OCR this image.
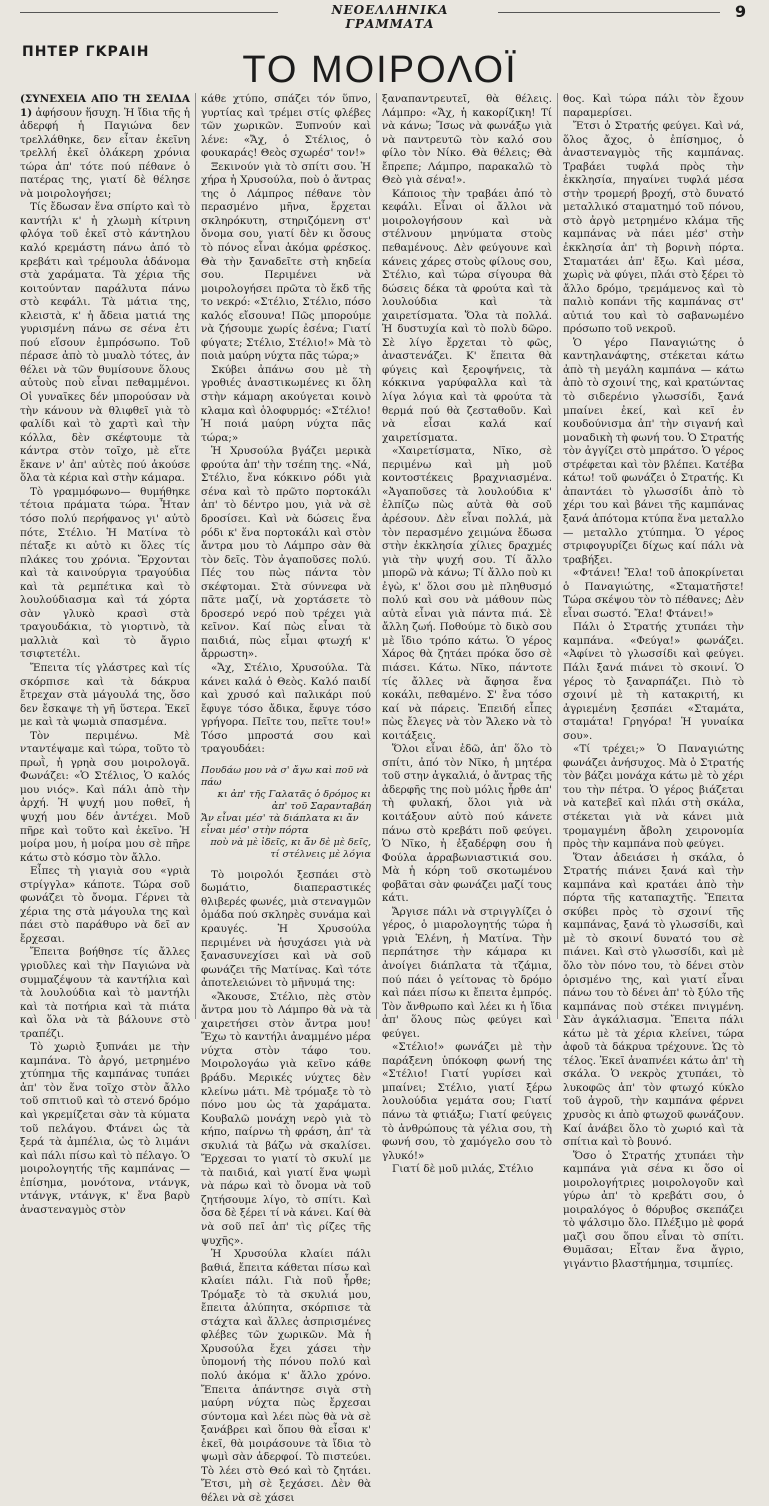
ΝΕΟΕΛΛΗΝΙΚΑ ΓΡΑΜΜΑΤΑ
9
ΠΗΤΕΡ ΓΚΡΑΙΗ	ΤΟ ΜΟΙΡΟΛΟΪ

(ΣΥΝΕΧΕΙΑ ΑΠΟ ΤΗ ΣΕΛΙΔΑ 1) ἀφήσουν ἥσυχη. Ἡ ἴδια τῆς ἡ ἀδερφή ἡ Παγιώνα δεν τρελλάθηκε, δεν εἶταν ἐκεῖνη τρελλή ἐκεῖ ὁλάκερη χρόνια τώρα ἀπ' τότε πού πέθανε ὁ πατέρας της, γιατί δὲ θέλησε νὰ μοιρολογήσει;

Τίς ἔδωσαν ἕνα σπίρτο καὶ τὸ καντήλι κ' ἡ χλωμὴ κίτρινη φλόγα τοῦ ἐκεῖ στὸ κάντηλου καλό κρεμάστη πάνω ἀπό τὸ κρεβάτι καὶ τρέμουλα ἀδάνομα στὰ χαράματα. Τὰ χέρια τῆς κοιτούνταν παράλυτα πάνω στὸ κεφάλι. Τὰ μάτια της, κλειστὰ, κ' ἡ ἄδεια ματιά της γυρισμένη πάνω σε σένα ἐτι πού εἴσουν ἐμπρόσωπο. Τοῦ πέρασε ἀπὸ τὸ μυαλὸ τότες, ἀν θέλει νὰ τῶν θυμίσουνε ὅλους αὐτοὺς ποὺ εἶναι πεθαμμένοι. Οἱ γυναῖκες δέν μπορούσαν νὰ τὴν κάνουν νὰ θλιφθεῖ γιὰ τὸ φαλίδι καὶ τὸ χαρτὶ καὶ τὴν κόλλα, δὲν σκέφτουμε τὰ κάντρα στὸν τοῖχο, μὲ εἴτε ἔκανε ν' ἀπ' αὐτὲς πού ἀκούσε ὅλα τὰ κέρια καὶ στὴν κάμαρα.

Τὸ γραμμόφωνο— θυμήθηκε τέτοια πράματα τώρα. Ἦταν τόσο πολύ περήφανος γι' αὐτὸ πότε, Στέλιο. Ἡ Ματίνα τὸ πέταξε κι αὐτὸ κι ὅλες τίς πλάκες του χρόνια. Ἔρχονται καὶ τὰ καινούργια τραγούδια καὶ τὰ ρεμπέτικα καὶ τὸ λουλούδιασμα καὶ τά χόρτα σὰν γλυκὸ κρασὶ στὰ τραγουδάκια, τὸ γιορτινὸ, τὰ μαλλιὰ καὶ τὸ ἄγριο τσιφτετέλι.

Ἔπειτα τίς γλάστρες καὶ τίς σκόρπισε καὶ τὰ δάκρυα ἔτρεχαν στὰ μάγουλά της, ὅσο δεν ἔσκαψε τὴ γῆ ὕστερα. Ἐκεῖ με καὶ τὰ ψωμιὰ σπασμένα.

Τὸν περιμένω. Μὲ νταντέψαμε καὶ τώρα, τοῦτο τὸ πρωῒ, ἡ γρηὰ σου μοιρολογᾶ. Φωνάζει: «Ὁ Στέλιος, Ὁ καλός μου νιός». Καὶ πάλι ἀπὸ τὴν ἀρχή. Ἡ ψυχή μου ποθεῖ, ἡ ψυχή μου δέν ἀντέχει. Μοῦ πῆρε καὶ τοῦτο καὶ ἐκεῖνο. Ἡ μοίρα μου, ἡ μοίρα μου σὲ πῆρε κάτω στὸ κόσμο τὸν ἄλλο.

Εἶπες τὴ γιαγιὰ σου «γριὰ στρίγγλα» κάποτε. Τώρα σοῦ φωνάζει τὸ ὄνομα. Γέρνει τὰ χέρια της στὰ μάγουλα της καὶ πάει στὸ παράθυρο νὰ δεῖ αν ἔρχεσαι.

Ἔπειτα βοήθησε τίς ἄλλες γριοῦλες καὶ τὴν Παγιώνα νὰ συμμαζέψουν τὰ καντήλια καὶ τὰ λουλούδια καὶ τὸ μαντήλι καὶ τὰ ποτήρια καὶ τὰ πιάτα καὶ ὅλα νὰ τὰ βάλουνε στὸ τραπέζι.

Τὸ χωριὸ ξυπνάει με τὴν καμπάνα. Τὸ ἀργό, μετρημένο χτύπημα τῆς καμπάνας τυπάει ἀπ' τὸν ἕνα τοῖχο στὸν ἄλλο τοῦ σπιτιοῦ καὶ τὸ στενό δρόμο καὶ γκρεμίζεται σὰν τὰ κύματα τοῦ πελάγου. Φτάνει ὡς τὰ ξερά τὰ ἀμπέλια, ὡς τὸ λιμάνι καὶ πάλι πίσω καὶ τὸ πέλαγο. Ὁ μοιρολογητής τῆς καμπάνας — ἐπίσημα, μονότονα, ντάνγκ, ντάνγκ, ντάνγκ, κ' ἕνα βαρὺ ἀναστεναγμὸς στὸν

κάθε χτύπο, σπάζει τόν ὕπνο, γυρτίας καὶ τρέμει στίς φλέβες τῶν χωρικῶν. Ξυπνούν καὶ λένε: «Ἄχ, ὁ Στέλιος, ὁ φουκαράς! Θεὸς σχωρέσ' τον!»

Ξεκινούν γιὰ τὸ σπίτι σου. Ἡ χήρα ἡ Χρυσούλα, ποὺ ὁ ἄντρας της ὁ Λάμπρος πέθανε τὸν περασμένο μῆνα, ἔρχεται σκληρόκυτη, στηριζόμενη στ' ὄνομα σου, γιατί δὲν κι ὅσους τὸ πόνος εἶναι ἀκόμα φρέσκος. Θὰ τὴν ξαναδεῖτε στὴ κηδεία σου. Περιμένει νὰ μοιρολογήσει πρῶτα τὸ ἕκδ τῆς το νεκρό: «Στέλιο, Στέλιο, πόσο καλός εἴσουνα! Πῶς μπορούμε νὰ ζήσουμε χωρίς ἐσένα; Γιατί φύγατε; Στέλιο, Στέλιο!» Μὰ τὸ ποιὰ μαύρη νύχτα πᾶς τώρα;»

Σκύβει ἀπάνω σου μὲ τὴ γροθιές ἀναστικωμένες κι ὅλη στὴν κάμαρη ακούγεται κοινὸ κλαμα καὶ ὁλοφυρμός: «Στέλιο! Ἡ ποιά μαύρη νύχτα πᾶς τώρα;»

Ἡ Χρυσούλα βγάζει μερικὰ φρούτα ἀπ' τὴν τσέπη της. «Νά, Στέλιο, ἕνα κόκκινο ρόδι γιὰ σένα καὶ τὸ πρῶτο πορτοκάλι ἀπ' τὸ δέντρο μου, γιὰ νὰ σὲ δροσίσει. Καὶ νὰ δώσεις ἕνα ρόδι κ' ἕνα πορτοκάλι καὶ στὸν ἄντρα μου τὸ Λάμπρο σὰν θὰ τὸν δεῖς. Τὸν ἀγαποῦσες πολύ. Πές του πὼς πάντα τὸν σκέφτομαι. Στὰ σύννεφα νὰ πᾶτε μαζί, νὰ χορτάσετε τὸ δροσερό νερό ποὺ τρέχει γιὰ κεῖνον. Καί πὼς εἶναι τὰ παιδιά, πὼς εἶμαι φτωχή κ' ἄρρωστη».

«Ἄχ, Στέλιο, Χρυσούλα. Τὰ κάνει καλά ὁ Θεὸς. Καλό παιδί καὶ χρυσό καὶ παλικάρι πού ἔφυγε τόσο ἄδικα, ἔφυγε τόσο γρήγορα. Πεῖτε του, πεῖτε του!» Τόσο μπροστά σου καὶ τραγουδάει:

Πουδάω μου νὰ σ' ἄγω καὶ ποῦ νὰ πάω
κι ἀπ' τῆς Γαλατᾶς ὁ δρόμος κι ἀπ' τοῦ Σαρανταβάη
Ἄν εἶναι μέσ' τὰ διάπλατα κι ἄν εἶναι μέσ' στὴν πόρτα
ποὺ νὰ μὲ ἰδεῖς, κι ἄν δὲ μὲ δεῖς, τί στέλνεις μὲ λόγια

Τὸ μοιρολόι ξεσπάει στὸ δωμάτιο, διαπεραστικές θλιβερές φωνές, μιὰ στεναγμῶν ὁμάδα πού σκληρὲς συνάμα καὶ κραυγές. Ἡ Χρυσούλα περιμένει νὰ ἡσυχάσει γιὰ νὰ ξανασυνεχίσει καὶ νὰ σοῦ φωνάζει τῆς Ματίνας. Καὶ τότε ἀποτελειώνει τὸ μῆνυμά της:

«Ἄκουσε, Στέλιο, πὲς στὸν ἄντρα μου τὸ Λάμπρο θὰ νὰ τὰ χαιρετήσει στὸν ἄντρα μου! Ἔχω τὸ καντήλι ἀναμμένο μέρα νύχτα στὸν τάφο του. Μοιρολογάω γιὰ κεῖνο κάθε βράδυ. Μερικές νύχτες δὲν κλείνω μάτι. Μὲ τρόμαξε τὸ τὸ πόνο μου ὡς τὰ χαράματα. Κουβαλῶ μονάχη νερὸ γιὰ τὸ κήπο, παίρνω τὴ φράση, ἀπ' τὰ σκυλιά τὰ βάζω νὰ σκαλίσει. Ἔρχεσαι το γιατί τὸ σκυλί με τὰ παιδιά, καὶ γιατί ἕνα ψωμὶ νὰ πάρω καὶ τὸ ὄνομα νὰ τοῦ ζητήσουμε λίγο, τὸ σπίτι. Καὶ ὄσα δὲ ξέρει τί νὰ κάνει. Καί θὰ νὰ σοῦ πεῖ ἀπ' τὶς ρίζες τῆς ψυχῆς».

Ἡ Χρυσούλα κλαίει πάλι βαθιά, ἔπειτα κάθεται πίσω καὶ κλαίει πάλι. Γιὰ ποῦ ἦρθε; Τρόμαξε τὸ τὰ σκυλιά μου, ἔπειτα ἀλύπητα, σκόρπισε τὰ στάχτα καὶ ἄλλες ἀσπρισμένες φλέβες τῶν χωρικῶν. Μὰ ἡ Χρυσούλα ἔχει χάσει τὴν ὑπομονή τὴς πόνου πολύ καὶ πολύ ἀκόμα κ' ἄλλο χρόνο. Ἔπειτα ἀπάντησε σιγὰ στὴ μαύρη νύχτα πὼς ἔρχεσαι σύντομα καὶ λέει πὼς θὰ νὰ σὲ ξανάβρει καὶ ὅπου θὰ εἶσαι κ' ἐκεῖ, θὰ μοιράσουνε τὰ ἴδια τὸ ψωμὶ σὰν ἀδερφοί. Τὸ πιστεύει. Τὸ λέει στὸ Θεό καὶ τὸ ζητάει. Ἔτσι, μὴ σὲ ξεχάσει. Δὲν θὰ θέλει νὰ σὲ χάσει

ξαναπαντρευτεῖ, θὰ θέλεις. Λάμπρο: «Ἄχ, ἡ κακορίζικη! Τί νὰ κάνω; Ἴσως νὰ φωνάξω γιὰ νὰ παντρευτῶ τὸν καλό σου φίλο τὸν Νίκο. Θὰ θέλεις; Θὰ ἔπρεπε; Λάμπρο, παρακαλῶ τὸ Θεὸ γιὰ σένα!».

Κάποιος τὴν τραβάει ἀπό τὸ κεφάλι. Εἶναι οἱ ἄλλοι νὰ μοιρολογήσουν καὶ νὰ στέλνουν μηνύματα στοὺς πεθαμένους. Δὲν φεύγουνε καὶ κάνεις χάρες στοὺς φίλους σου, Στέλιο, καὶ τώρα σίγουρα θὰ δώσεις δέκα τὰ φρούτα καὶ τὰ λουλούδια καὶ τὰ χαιρετίσματα. Ὅλα τὰ πολλά. Ἡ δυστυχία καὶ τὸ πολὺ δῶρο. Σὲ λίγο ἔρχεται τὸ φῶς, ἀναστενάζει. Κ' ἕπειτα θὰ φύγεις καὶ ξεροψήνεις, τὰ κόκκινα γαρύφαλλα καὶ τὰ λίγα λόγια καὶ τὰ φρούτα τὰ θερμά πού θὰ ζεσταθοῦν. Καὶ νὰ εἶσαι καλά καί χαιρετίσματα.

«Χαιρετίσματα, Νῖκο, σὲ περιμένω καὶ μὴ μοῦ κοντοστέκεις βραχνιασμένα. «Ἀγαποῦσες τὰ λουλούδια κ' ἐλπίζω πὼς αὐτὰ θὰ σοῦ ἀρέσουν. Δὲν εἶναι πολλά, μὰ τὸν περασμένο χειμώνα ἔδωσα στὴν ἐκκλησία χίλιες δραχμές γιὰ τὴν ψυχή σου. Τί ἄλλο μπορῶ νὰ κάνω; Τί ἄλλο ποὺ κι ἐγὼ, κ' ὅλοι σου μὲ πληθυσμό πολύ καὶ σου νὰ μάθουν πὼς αὐτὰ εἶναι γιὰ πάντα πιά. Σὲ ἄλλη ζωή. Ποθούμε τὸ δικὸ σου μὲ ἴδιο τρόπο κάτω. Ὁ γέρος Χάρος θὰ ζητάει πρόκα ὅσο σὲ πιάσει. Κάτω. Νῖκο, πάντοτε τίς ἄλλες νὰ ἄφησα ἕνα κοκάλι, πεθαμένο. Σ' ἔνα τόσο καί νὰ πάρεις. Ἐπειδή εἶπες πὼς ἔλεγες νὰ τὸν Ἄλεκο νὰ τὸ κοιτάξεις.

Ὅλοι εἶναι ἐδῶ, ἀπ' ὅλο τὸ σπίτι, ἀπό τὸν Νῖκο, ἡ μητέρα τοῦ στην ἀγκαλιά, ὁ ἄντρας τῆς ἀδερφῆς της ποὺ μόλις ἦρθε ἀπ' τὴ φυλακή, ὅλοι γιὰ νὰ κοιτάξουν αὐτὸ πού κάνετε πάνω στὸ κρεβάτι ποῦ φεύγει. Ὁ Νῖκο, ἡ ἐξαδέρφη σου ἡ Φούλα ἀρραβωνιαστικιά σου. Μὰ ἡ κόρη τοῦ σκοτωμένου φοβᾶται σὰν φωνάζει μαζί τους κάτι.

Ἄργισε πάλι νὰ στριγγλίζει ὁ γέρος, ὁ μιαρολογητής τώρα ἡ γριὰ Ἑλένη, ἡ Ματίνα. Τὴν περπάτησε τὴν κάμαρα κι ἀνοίγει διάπλατα τὰ τζάμια, πού πάει ὁ γείτονας τὸ δρόμο καὶ πάει πίσω κι ἔπειτα ἐμπρός. Τὸν ἄνθρωπο καὶ λέει κι ἡ ἴδια ἀπ' ὅλους πὼς φεύγει καὶ φεύγει.

«Στέλιο!» φωνάζει μὲ τὴν παράξενη ὑπόκοφη φωνή της «Στέλιο! Γιατί γυρίσει καὶ μπαίνει; Στέλιο, γιατί ξέρω λουλούδια γεμάτα σου; Γιατί πάνω τὰ φτιάξω; Γιατί φεύγεις τὸ ἀνθρώπους τὰ γέλια σου, τὴ φωνή σου, τὸ χαμόγελο σου τὸ γλυκό!»

Γιατί δὲ μοῦ μιλάς, Στέλιο

θος. Καὶ τώρα πάλι τὸν ἔχουν παραμερίσει.

Ἔτσι ὁ Στρατής φεύγει. Καὶ νά, ὅλος ἄχος, ὁ ἐπίσημος, ὁ ἀναστεναγμὸς τῆς καμπάνας. Τραβάει τυφλά πρὸς τὴν ἐκκλησία, πηγαίνει τυφλά μέσα στὴν τρομερή βροχή, στὸ δυνατό μεταλλικό σταματημό τοῦ πόνου, στὸ ἀργὸ μετρημένο κλάμα τῆς καμπάνας νὰ πάει μέσ' στὴν ἐκκλησία ἀπ' τὴ βορινὴ πόρτα. Σταματάει ἀπ' ἔξω. Καὶ μέσα, χωρὶς νὰ φύγει, πλάι στὸ ξέρει τὸ ἄλλο δρόμο, τρεμάμενος καὶ τὸ παλιὸ κοπάνι τῆς καμπάνας στ' αὐτιά του καὶ τὸ σαβανωμένο πρόσωπο τοῦ νεκροῦ.

Ὁ γέρο Παναγιώτης ὁ καντηλανάφτης, στέκεται κάτω ἀπὸ τὴ μεγάλη καμπάνα — κάτω ἀπὸ τὸ σχοινί της, καὶ κρατώντας τὸ σιδερένιο γλωσσίδι, ξανά μπαίνει ἐκεί, καὶ κεῖ ἐν κουδούνισμα ἀπ' τὴν σιγανή καὶ μοναδικὴ τὴ φωνή του. Ὁ Στρατής τὸν ἀγγίζει στὸ μπράτσο. Ὁ γέρος στρέφεται καὶ τὸν βλέπει. Κατέβα κάτω! τοῦ φωνάζει ὁ Στρατής. Κι ἀπαντάει τὸ γλωσσίδι ἀπὸ τὸ χέρι του καὶ βάνει τῆς καμπάνας ξανά ἀπότομα κτύπα ἕνα μεταλλο — μεταλλο χτύπημα. Ὁ γέρος στριφογυρίζει δίχως καί πάλι νὰ τραβήξει.

«Φτάνει! Ἔλα! τοῦ ἀποκρίνεται ὁ Παναγιώτης, «Σταματῆστε! Τώρα σκέψου τὸν τὸ πέθανες; Δὲν εἶναι σωστό. Ἔλα! Φτάνει!»

Πάλι ὁ Στρατής χτυπάει τὴν καμπάνα. «Φεύγα!» φωνάζει. «Ἀφίνει τὸ γλωσσίδι καὶ φεύγει. Πάλι ξανά πιάνει τὸ σκοινί. Ὁ γέρος τὸ ξαναρπάζει. Πιὸ τὸ σχοινί μὲ τὴ κατακριτή, κι ἀγριεμένη ξεσπάει «Σταμάτα, σταμάτα! Γρηγόρα! Ἡ γυναίκα σου».

«Τί τρέχει;» Ὁ Παναγιώτης φωνάζει ἀνήσυχος. Μὰ ὁ Στρατής τὸν βάζει μονάχα κάτω μὲ τὸ χέρι του τὴν πέτρα. Ὁ γέρος βιάζεται νὰ κατεβεῖ καὶ πλάι στὴ σκάλα, στέκεται γιὰ νὰ κάνει μιὰ τρομαγμένη ἄβολη χειρονομία πρὸς τὴν καμπάνα ποὺ φεύγει.

Ὅταν ἀδειάσει ἡ σκάλα, ὁ Στρατής πιάνει ξανά καὶ τὴν καμπάνα καὶ κρατάει ἀπὸ τὴν πόρτα τῆς καταπαχτῆς. Ἔπειτα σκύβει πρὸς τὸ σχοινί τῆς καμπάνας, ξανά τὸ γλωσσίδι, καὶ μὲ τὸ σκοινί δυνατό του σὲ πιάνει. Καὶ στὸ γλωσσίδι, καὶ μὲ ὅλο τὸν πόνο του, τὸ δένει στὸν ὁρισμένο της, καὶ γιατί εἶναι πάνω του τὸ δένει ἀπ' τὸ ξύλο τῆς καμπάνας ποὺ στέκει πνιγμένη. Σὰν ἀγκάλιασμα. Ἔπειτα πάλι κάτω μὲ τὰ χέρια κλείνει, τώρα ἀφοῦ τὰ δάκρυα τρέχουνε. Ὡς τὸ τέλος. Ἐκεῖ ἀναπνέει κάτω ἀπ' τὴ σκάλα. Ὁ νεκρὸς χτυπάει, τὸ λυκοφῶς ἀπ' τὸν φτωχό κύκλο τοῦ ἀγροῦ, τὴν καμπάνα φέρνει χρυσὸς κι ἀπὸ φτωχοῦ φωνάζουν. Καί ἀνάβει ὅλο τὸ χωριό καὶ τὰ σπίτια καὶ τὸ βουνό.

Ὅσο ὁ Στρατής χτυπάει τὴν καμπάνα γιὰ σένα κι ὅσο οἱ μοιρολογήτριες μοιρολογοῦν καὶ γύρω ἀπ' τὸ κρεβάτι σου, ὁ μοιραλόγος ὁ θόρυβος σκεπάζει τὸ ψάλσιμο ὅλο. Πλέξιμο μὲ φορά μαζὶ σου ὅπου εἶναι τὸ σπίτι. Θυμᾶσαι; Εἶταν ἕνα ἄγριο, γιγάντιο βλαστήμημα, τσιμπίες.
